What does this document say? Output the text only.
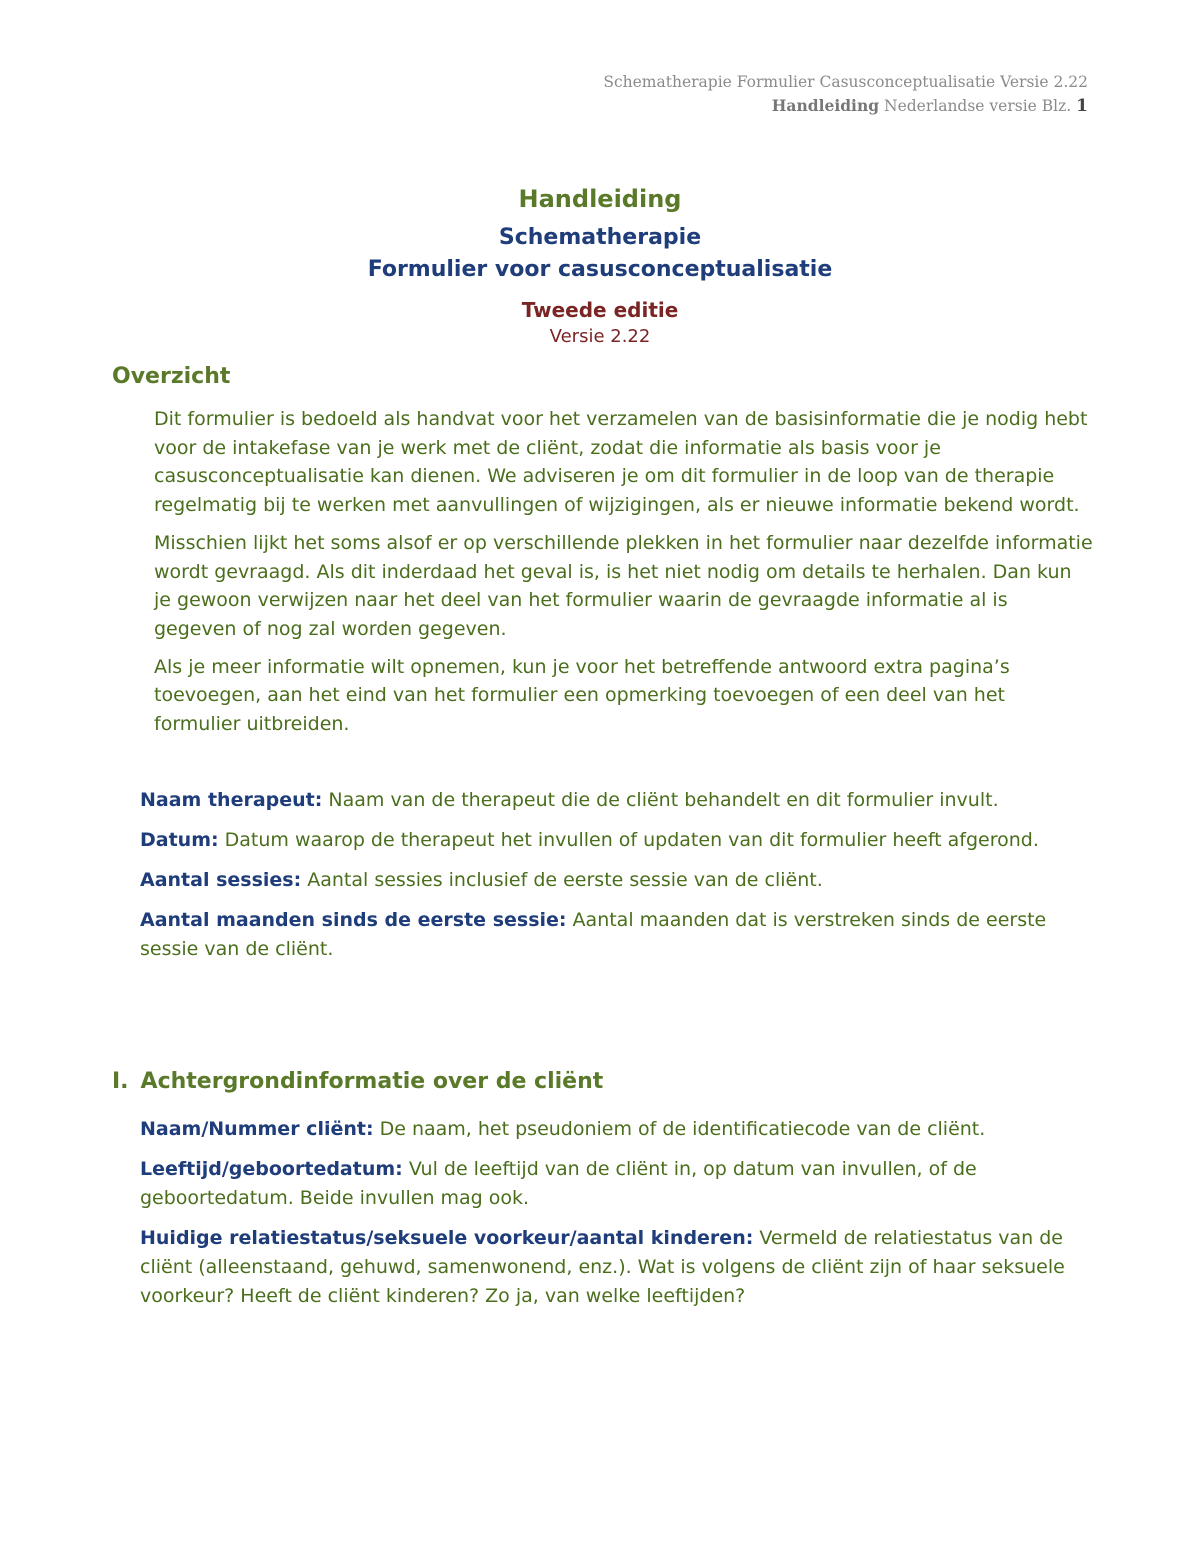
Schematherapie Formulier Casusconceptualisatie Versie 2.22
Handleiding Nederlandse versie Blz. 1
Handleiding
Schematherapie
Formulier voor casusconceptualisatie
Tweede editie
Versie 2.22
Overzicht

Dit formulier is bedoeld als handvat voor het verzamelen van de basisinformatie die je nodig hebt voor de intakefase van je werk met de cliënt, zodat die informatie als basis voor je casusconceptualisatie kan dienen. We adviseren je om dit formulier in de loop van de therapie regelmatig bij te werken met aanvullingen of wijzigingen, als er nieuwe informatie bekend wordt.

Misschien lijkt het soms alsof er op verschillende plekken in het formulier naar dezelfde informatie wordt gevraagd. Als dit inderdaad het geval is, is het niet nodig om details te herhalen. Dan kun je gewoon verwijzen naar het deel van het formulier waarin de gevraagde informatie al is gegeven of nog zal worden gegeven.

Als je meer informatie wilt opnemen, kun je voor het betreffende antwoord extra pagina’s toevoegen, aan het eind van het formulier een opmerking toevoegen of een deel van het formulier uitbreiden.

Naam therapeut: Naam van de therapeut die de cliënt behandelt en dit formulier invult.

Datum: Datum waarop de therapeut het invullen of updaten van dit formulier heeft afgerond.

Aantal sessies: Aantal sessies inclusief de eerste sessie van de cliënt.

Aantal maanden sinds de eerste sessie: Aantal maanden dat is verstreken sinds de eerste sessie van de cliënt.

I. Achtergrondinformatie over de cliënt

Naam/Nummer cliënt: De naam, het pseudoniem of de identificatiecode van de cliënt.

Leeftijd/geboortedatum: Vul de leeftijd van de cliënt in, op datum van invullen, of de geboortedatum. Beide invullen mag ook.

Huidige relatiestatus/seksuele voorkeur/aantal kinderen: Vermeld de relatiestatus van de cliënt (alleenstaand, gehuwd, samenwonend, enz.). Wat is volgens de cliënt zijn of haar seksuele voorkeur? Heeft de cliënt kinderen? Zo ja, van welke leeftijden?
